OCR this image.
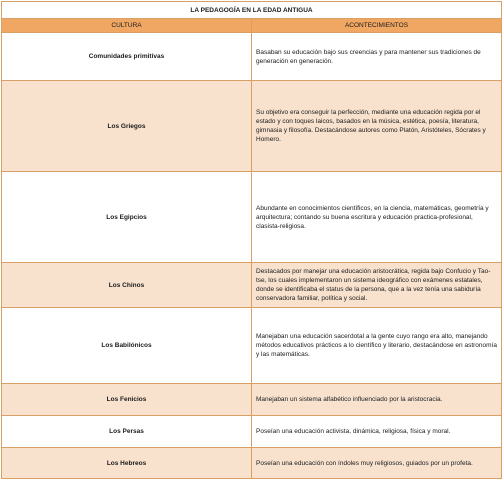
LA PEDAGOGÍA EN LA EDAD ANTIGUA	
CULTURA	ACONTECIMIENTOS
Comunidades primitivas	Basaban su educación bajo sus creencias y para mantener sus tradiciones de generación en generación.
Los Griegos	Su objetivo era conseguir la perfección, mediante una educación regida por el estado y con toques laicos, basados en la música, estética, poesía, literatura, gimnasia y filosofía. Destacándose autores como Platón, Aristóteles, Sócrates y Homero.
Los Egipcios	Abundante en conocimientos científicos, en la ciencia, matemáticas, geometría y arquitectura; contando su buena escritura y educación practica-profesional, clasista-religiosa.
Los Chinos	Destacados por manejar una educación aristocrática, regida bajo Confucio y Tao-tse, los cuales implementaron un sistema ideográfico con exámenes estatales, donde se identificaba el status de la persona, que a la vez tenía una sabiduría conservadora familiar, política y social.
Los Babilónicos	Manejaban una educación sacerdotal a la gente cuyo rango era alto, manejando métodos educativos prácticos a lo científico y literario, destacándose en astronomía y las matemáticas.
Los Fenicios	Manejaban un sistema alfabético influenciado por la aristocracia.
Los Persas	Poseían una educación activista, dinámica, religiosa, física y moral.
Los Hebreos	Poseían una educación con índoles muy religiosos, guiados por un profeta.
